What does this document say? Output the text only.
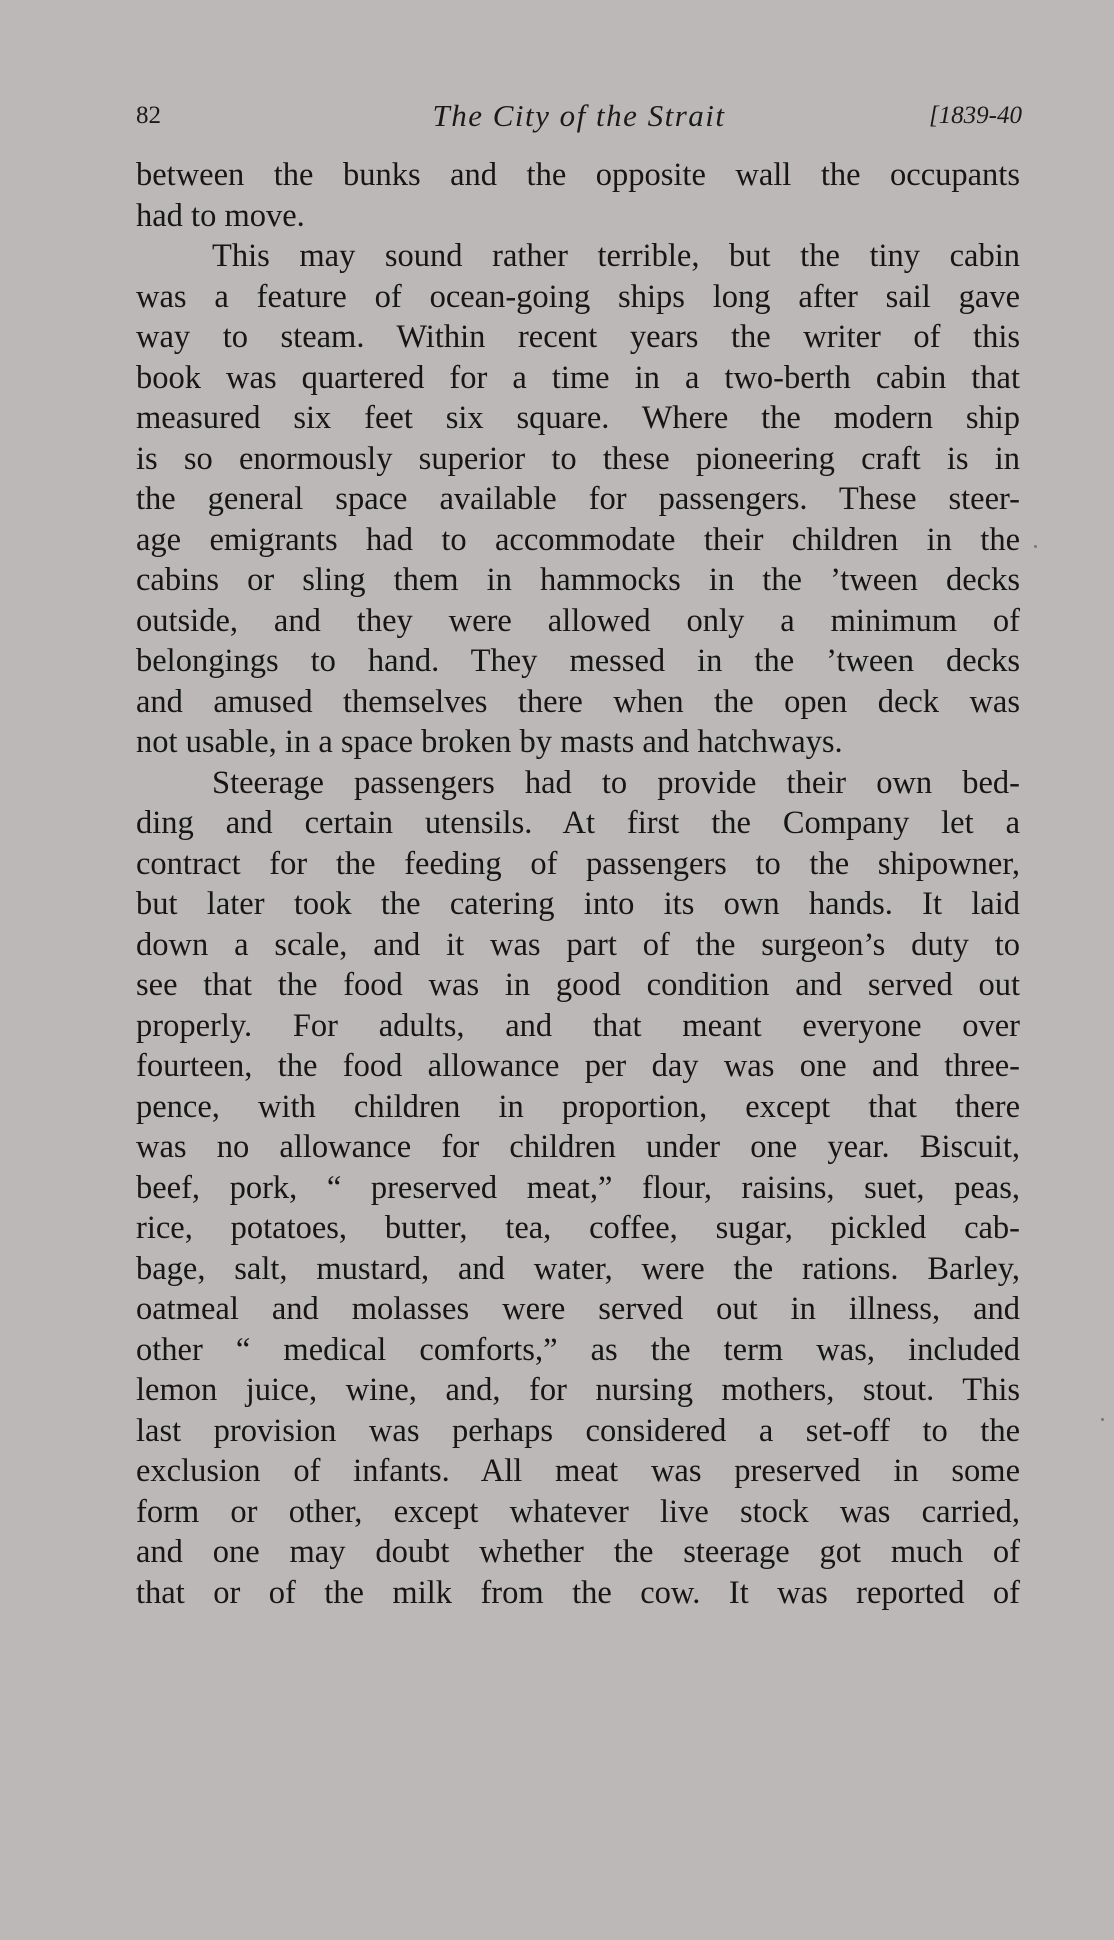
82	The City of the Strait	[1839-40
between the bunks and the opposite wall the occupants
had to move.
This may sound rather terrible, but the tiny cabin
was a feature of ocean-going ships long after sail gave
way to steam. Within recent years the writer of this
book was quartered for a time in a two-berth cabin that
measured six feet six square. Where the modern ship
is so enormously superior to these pioneering craft is in
the general space available for passengers. These steer-
age emigrants had to accommodate their children in the
cabins or sling them in hammocks in the ’tween decks
outside, and they were allowed only a minimum of
belongings to hand. They messed in the ’tween decks
and amused themselves there when the open deck was
not usable, in a space broken by masts and hatchways.
Steerage passengers had to provide their own bed-
ding and certain utensils. At first the Company let a
contract for the feeding of passengers to the shipowner,
but later took the catering into its own hands. It laid
down a scale, and it was part of the surgeon’s duty to
see that the food was in good condition and served out
properly. For adults, and that meant everyone over
fourteen, the food allowance per day was one and three-
pence, with children in proportion, except that there
was no allowance for children under one year. Biscuit,
beef, pork, “ preserved meat,” flour, raisins, suet, peas,
rice, potatoes, butter, tea, coffee, sugar, pickled cab-
bage, salt, mustard, and water, were the rations. Barley,
oatmeal and molasses were served out in illness, and
other “ medical comforts,” as the term was, included
lemon juice, wine, and, for nursing mothers, stout. This
last provision was perhaps considered a set-off to the
exclusion of infants. All meat was preserved in some
form or other, except whatever live stock was carried,
and one may doubt whether the steerage got much of
that or of the milk from the cow. It was reported of
